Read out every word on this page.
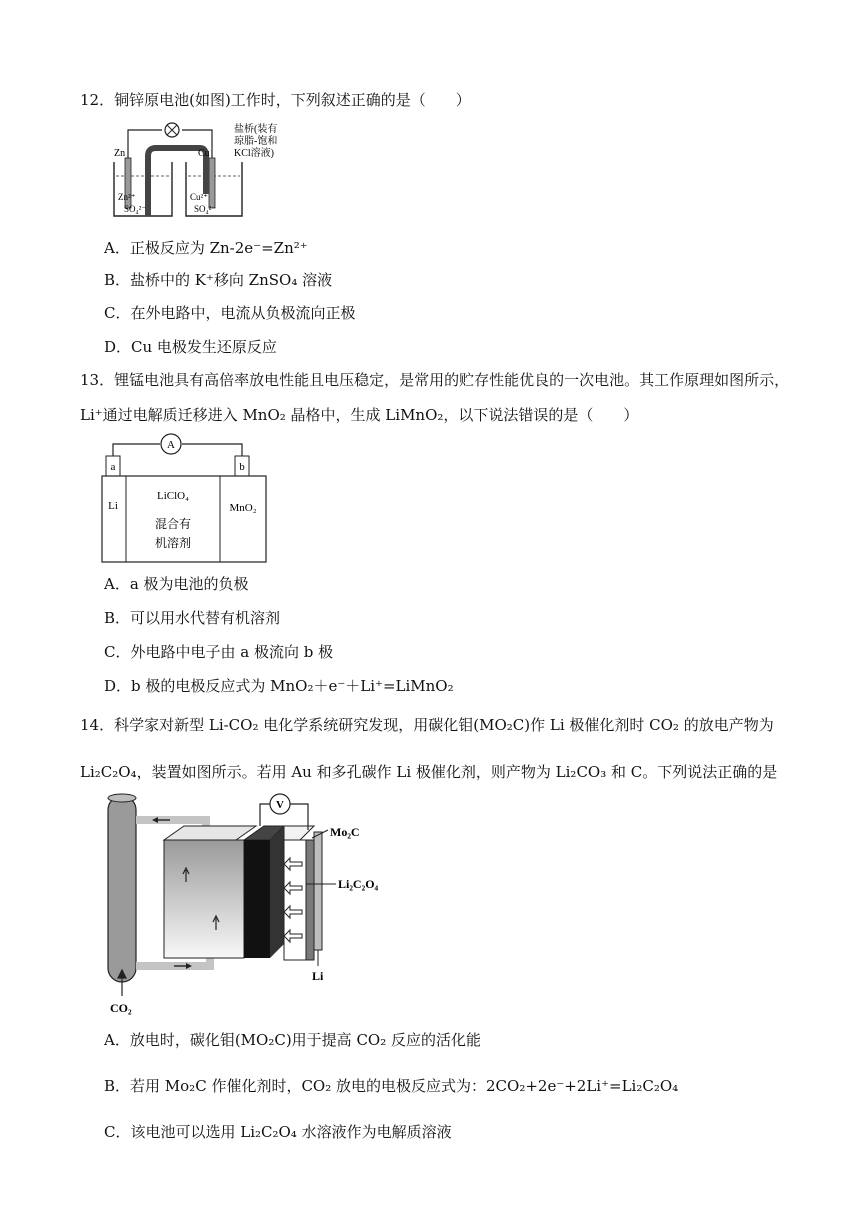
12．铜锌原电池(如图)工作时，下列叙述正确的是（　　）
Zn	Cu
盐桥(装有
琼脂-饱和
KCl溶液)
Zn²⁺
SO₄²⁻
Cu²⁺
SO₄²⁻
A．正极反应为 Zn-2e⁻=Zn²⁺
B．盐桥中的 K⁺移向 ZnSO₄ 溶液
C．在外电路中，电流从负极流向正极
D．Cu 电极发生还原反应
13．锂锰电池具有高倍率放电性能且电压稳定，是常用的贮存性能优良的一次电池。其工作原理如图所示，
Li⁺通过电解质迁移进入 MnO₂ 晶格中，生成 LiMnO₂，以下说法错误的是（　　）
A
a	b
Li	MnO₂
LiClO₄
混合有
机溶剂
A．a 极为电池的负极
B．可以用水代替有机溶剂
C．外电路中电子由 a 极流向 b 极
D．b 极的电极反应式为 MnO₂＋e⁻＋Li⁺=LiMnO₂
14．科学家对新型 Li-CO₂ 电化学系统研究发现，用碳化钼(MO₂C)作 Li 极催化剂时 CO₂ 的放电产物为
Li₂C₂O₄，装置如图所示。若用 Au 和多孔碳作 Li 极催化剂，则产物为 Li₂CO₃ 和 C。下列说法正确的是
V
Mo₂C
Li₂C₂O₄
Li
CO₂
A．放电时，碳化钼(MO₂C)用于提高 CO₂ 反应的活化能
B．若用 Mo₂C 作催化剂时，CO₂ 放电的电极反应式为：2CO₂+2e⁻+2Li⁺=Li₂C₂O₄
C．该电池可以选用 Li₂C₂O₄ 水溶液作为电解质溶液
